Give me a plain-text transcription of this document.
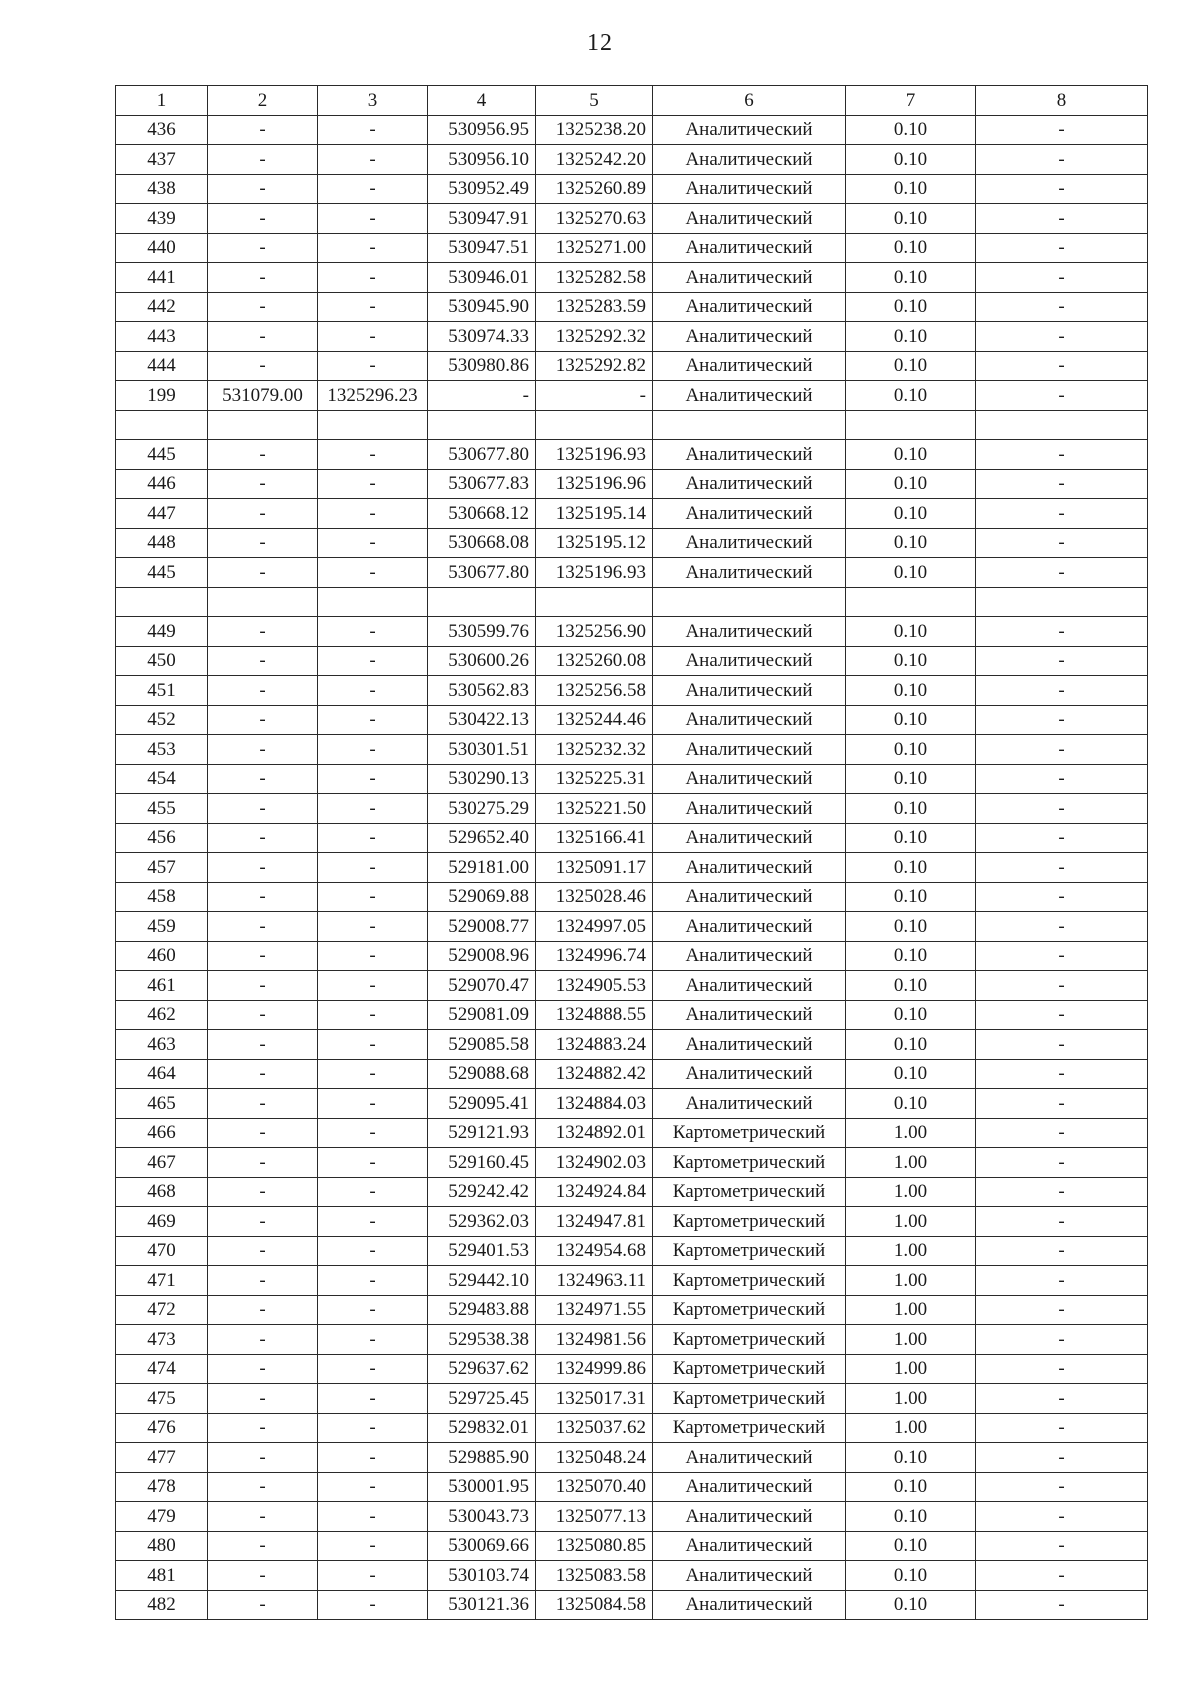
12
1	2	3	4	5	6	7	8
436	-	-	530956.95	1325238.20	Аналитический	0.10	-
437	-	-	530956.10	1325242.20	Аналитический	0.10	-
438	-	-	530952.49	1325260.89	Аналитический	0.10	-
439	-	-	530947.91	1325270.63	Аналитический	0.10	-
440	-	-	530947.51	1325271.00	Аналитический	0.10	-
441	-	-	530946.01	1325282.58	Аналитический	0.10	-
442	-	-	530945.90	1325283.59	Аналитический	0.10	-
443	-	-	530974.33	1325292.32	Аналитический	0.10	-
444	-	-	530980.86	1325292.82	Аналитический	0.10	-
199	531079.00	1325296.23	-	-	Аналитический	0.10	-

445	-	-	530677.80	1325196.93	Аналитический	0.10	-
446	-	-	530677.83	1325196.96	Аналитический	0.10	-
447	-	-	530668.12	1325195.14	Аналитический	0.10	-
448	-	-	530668.08	1325195.12	Аналитический	0.10	-
445	-	-	530677.80	1325196.93	Аналитический	0.10	-

449	-	-	530599.76	1325256.90	Аналитический	0.10	-
450	-	-	530600.26	1325260.08	Аналитический	0.10	-
451	-	-	530562.83	1325256.58	Аналитический	0.10	-
452	-	-	530422.13	1325244.46	Аналитический	0.10	-
453	-	-	530301.51	1325232.32	Аналитический	0.10	-
454	-	-	530290.13	1325225.31	Аналитический	0.10	-
455	-	-	530275.29	1325221.50	Аналитический	0.10	-
456	-	-	529652.40	1325166.41	Аналитический	0.10	-
457	-	-	529181.00	1325091.17	Аналитический	0.10	-
458	-	-	529069.88	1325028.46	Аналитический	0.10	-
459	-	-	529008.77	1324997.05	Аналитический	0.10	-
460	-	-	529008.96	1324996.74	Аналитический	0.10	-
461	-	-	529070.47	1324905.53	Аналитический	0.10	-
462	-	-	529081.09	1324888.55	Аналитический	0.10	-
463	-	-	529085.58	1324883.24	Аналитический	0.10	-
464	-	-	529088.68	1324882.42	Аналитический	0.10	-
465	-	-	529095.41	1324884.03	Аналитический	0.10	-
466	-	-	529121.93	1324892.01	Картометрический	1.00	-
467	-	-	529160.45	1324902.03	Картометрический	1.00	-
468	-	-	529242.42	1324924.84	Картометрический	1.00	-
469	-	-	529362.03	1324947.81	Картометрический	1.00	-
470	-	-	529401.53	1324954.68	Картометрический	1.00	-
471	-	-	529442.10	1324963.11	Картометрический	1.00	-
472	-	-	529483.88	1324971.55	Картометрический	1.00	-
473	-	-	529538.38	1324981.56	Картометрический	1.00	-
474	-	-	529637.62	1324999.86	Картометрический	1.00	-
475	-	-	529725.45	1325017.31	Картометрический	1.00	-
476	-	-	529832.01	1325037.62	Картометрический	1.00	-
477	-	-	529885.90	1325048.24	Аналитический	0.10	-
478	-	-	530001.95	1325070.40	Аналитический	0.10	-
479	-	-	530043.73	1325077.13	Аналитический	0.10	-
480	-	-	530069.66	1325080.85	Аналитический	0.10	-
481	-	-	530103.74	1325083.58	Аналитический	0.10	-
482	-	-	530121.36	1325084.58	Аналитический	0.10	-
